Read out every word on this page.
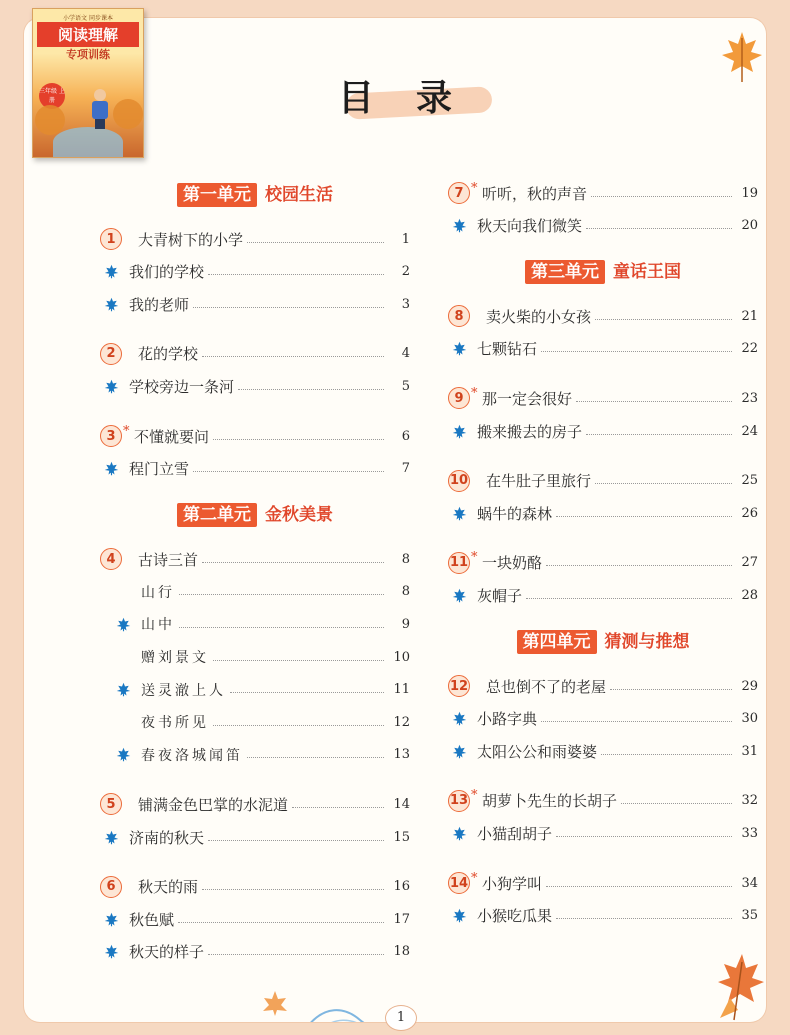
目录
第一单元 校园生活
1	大青树下的小学	1
我们的学校	2
我的老师	3
2	花的学校	4
学校旁边一条河	5
3 * 不懂就要问	6
程门立雪	7
第二单元 金秋美景
4	古诗三首	8
山行	8
山中	9
赠刘景文	10
送灵澈上人	11
夜书所见	12
春夜洛城闻笛	13
5	铺满金色巴掌的水泥道	14
济南的秋天	15
6	秋天的雨	16
秋色赋	17
秋天的样子	18
7 * 听听，秋的声音	19
秋天向我们微笑	20
第三单元 童话王国
8	卖火柴的小女孩	21
七颗钻石	22
9 * 那一定会很好	23
搬来搬去的房子	24
10 在牛肚子里旅行	25
蜗牛的森林	26
11 * 一块奶酪	27
灰帽子	28
第四单元 猜测与推想
12 总也倒不了的老屋	29
小路字典	30
太阳公公和雨婆婆	31
13 * 胡萝卜先生的长胡子	32
小猫刮胡子	33
14 * 小狗学叫	34
小猴吃瓜果	35
小学语文 同步课本
阅读理解
专项训练
三年级 上册
1
